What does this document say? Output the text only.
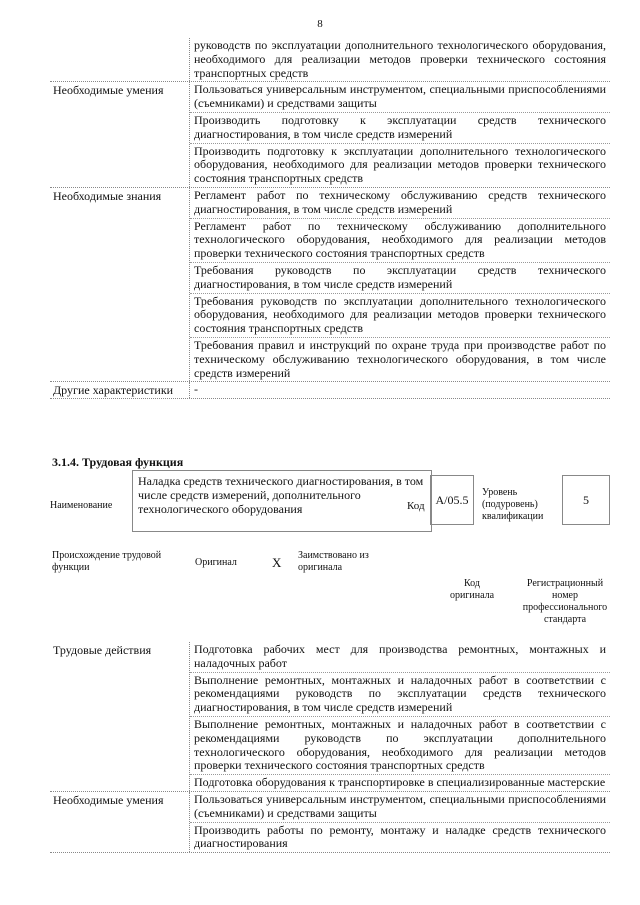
8
руководств по эксплуатации дополнительного технологического оборудования, необходимого для реализации методов проверки технического состояния транспортных средств
Необходимые умения	Пользоваться универсальным инструментом, специальными приспособлениями (съемниками) и средствами защиты
Производить подготовку к эксплуатации средств технического диагностирования, в том числе средств измерений
Производить подготовку к эксплуатации дополнительного технологического оборудования, необходимого для реализации методов проверки технического состояния транспортных средств
Необходимые знания	Регламент работ по техническому обслуживанию средств технического диагностирования, в том числе средств измерений
Регламент работ по техническому обслуживанию дополнительного технологического оборудования, необходимого для реализации методов проверки технического состояния транспортных средств
Требования руководств по эксплуатации средств технического диагностирования, в том числе средств измерений
Требования руководств по эксплуатации дополнительного технологического оборудования, необходимого для реализации методов проверки технического состояния транспортных средств
Требования правил и инструкций по охране труда при производстве работ по техническому обслуживанию технологического оборудования, в том числе средств измерений
Другие характеристики	-
3.1.4. Трудовая функция
Наименование
Наладка средств технического диагностирования, в том числе средств измерений, дополнительного технологического оборудования	Код А/05.5
Уровень (подуровень) квалификации
5
Происхождение трудовой функции	Оригинал	X Заимствовано из оригинала
Код оригинала
Регистрационный номер профессионального стандарта
Трудовые действия	Подготовка рабочих мест для производства ремонтных, монтажных и наладочных работ
Выполнение ремонтных, монтажных и наладочных работ в соответствии с рекомендациями руководств по эксплуатации средств технического диагностирования, в том числе средств измерений
Выполнение ремонтных, монтажных и наладочных работ в соответствии с рекомендациями руководств по эксплуатации дополнительного технологического оборудования, необходимого для реализации методов проверки технического состояния транспортных средств
Подготовка оборудования к транспортировке в специализированные мастерские
Необходимые умения	Пользоваться универсальным инструментом, специальными приспособлениями (съемниками) и средствами защиты
Производить работы по ремонту, монтажу и наладке средств технического диагностирования
